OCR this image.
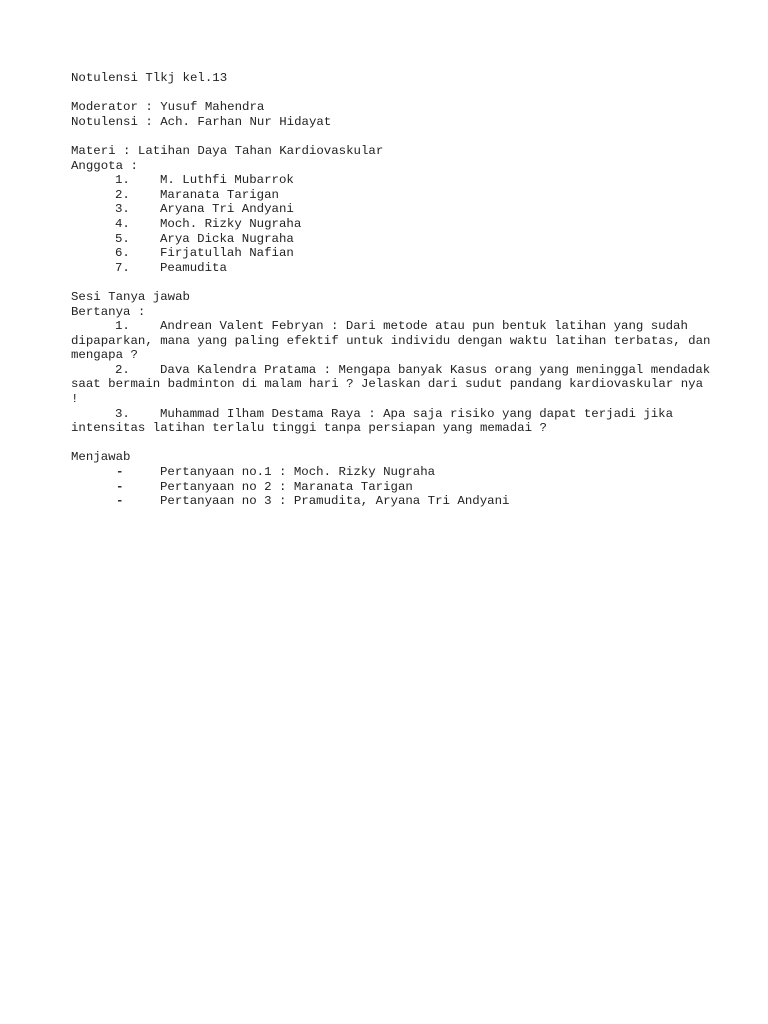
Notulensi Tlkj kel.13
Moderator : Yusuf Mahendra
Notulensi : Ach. Farhan Nur Hidayat
Materi : Latihan Daya Tahan Kardiovaskular
Anggota :
1.	M. Luthfi Mubarrok
2.	Maranata Tarigan
3.	Aryana Tri Andyani
4.	Moch. Rizky Nugraha
5.	Arya Dicka Nugraha
6.	Firjatullah Nafian
7.	Peamudita
Sesi Tanya jawab
Bertanya :
1. Andrean Valent Febryan : Dari metode atau pun bentuk latihan yang sudah dipaparkan, mana yang paling efektif untuk individu dengan waktu latihan terbatas, dan mengapa ?
2. Dava Kalendra Pratama : Mengapa banyak Kasus orang yang meninggal mendadak saat bermain badminton di malam hari ? Jelaskan dari sudut pandang kardiovaskular nya !
3. Muhammad Ilham Destama Raya : Apa saja risiko yang dapat terjadi jika intensitas latihan terlalu tinggi tanpa persiapan yang memadai ?
Menjawab
-	Pertanyaan no.1 : Moch. Rizky Nugraha
-	Pertanyaan no 2 : Maranata Tarigan
-	Pertanyaan no 3 : Pramudita, Aryana Tri Andyani
